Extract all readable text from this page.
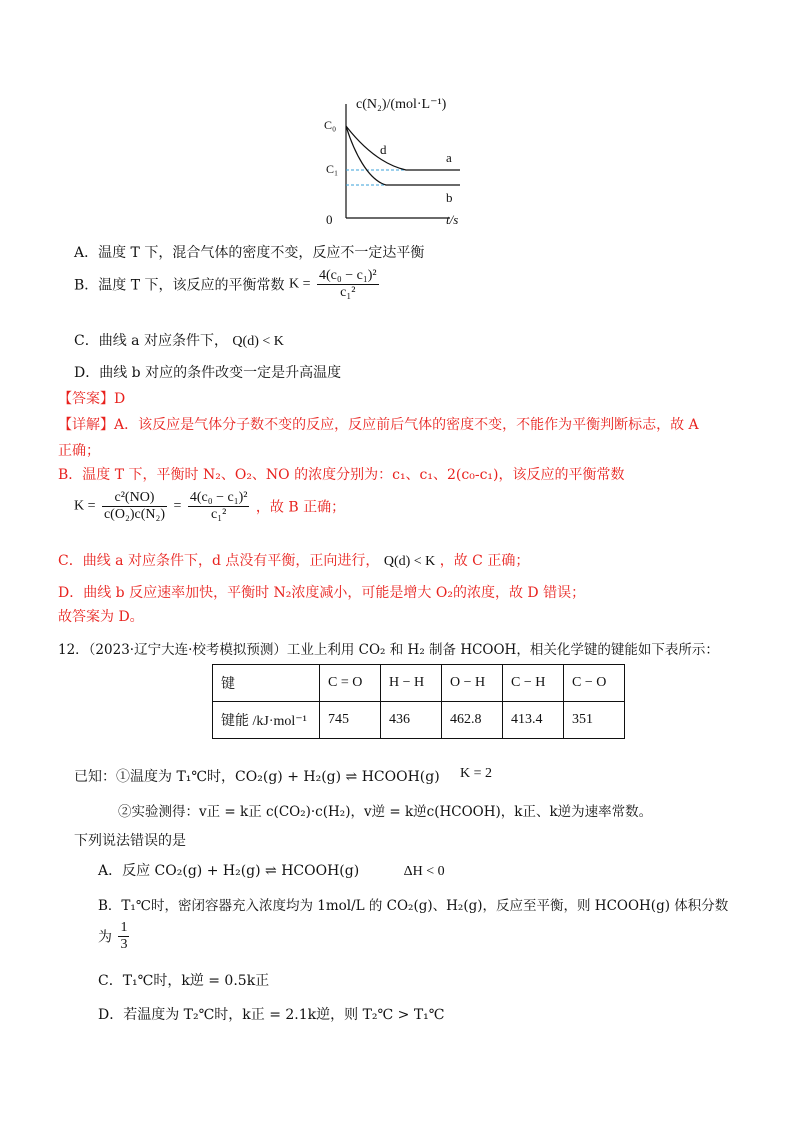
c(N₂)/(mol·L⁻¹)
C₀
C₁
0
d
a
b
t/s
A．温度 T 下，混合气体的密度不变，反应不一定达平衡
B．温度 T 下，该反应的平衡常数 $K = \frac{\text{4(c₀ − c₁)²}}{\text{c₁²}}$
C．曲线 a 对应条件下， Q(d) < K
D．曲线 b 对应的条件改变一定是升高温度
【答案】D
【详解】A．该反应是气体分子数不变的反应，反应前后气体的密度不变，不能作为平衡判断标志，故 A
正确；
B．温度 T 下，平衡时 N₂、O₂、NO 的浓度分别为：c₁、c₁、2(c₀-c₁)，该反应的平衡常数
$K = \frac{\text{c²(NO)}}{\text{c(O₂)c(N₂)}} = \frac{\text{4(c₀ − c₁)²}}{\text{c₁²}}$ ，故 B 正确；
C．曲线 a 对应条件下，d 点没有平衡，正向进行， Q(d) < K ，故 C 正确；
D．曲线 b 反应速率加快，平衡时 N₂浓度减小，可能是增大 O₂的浓度，故 D 错误；
故答案为 D。
12．（2023·辽宁大连·校考模拟预测）工业上利用 CO₂ 和 H₂ 制备 HCOOH，相关化学键的键能如下表所示：
键	C = O	H − H	O − H	C − H	C − O
键能 /kJ·mol⁻¹	745	436	462.8	413.4	351
已知：①温度为 T₁℃时，CO₂(g) + H₂(g) ⇌ HCOOH(g) K = 2
②实验测得：v正 = k正 c(CO₂)·c(H₂)，v逆 = k逆c(HCOOH)，k正、k逆为速率常数。
下列说法错误的是
A．反应 CO₂(g) + H₂(g) ⇌ HCOOH(g)	ΔH < 0
B．T₁℃时，密闭容器充入浓度均为 1mol/L 的 CO₂(g)、H₂(g)，反应至平衡，则 HCOOH(g) 体积分数
为 $\frac{1}{3}$
C．T₁℃时，k逆 = 0.5k正
D．若温度为 T₂℃时，k正 = 2.1k逆，则 T₂℃ > T₁℃
